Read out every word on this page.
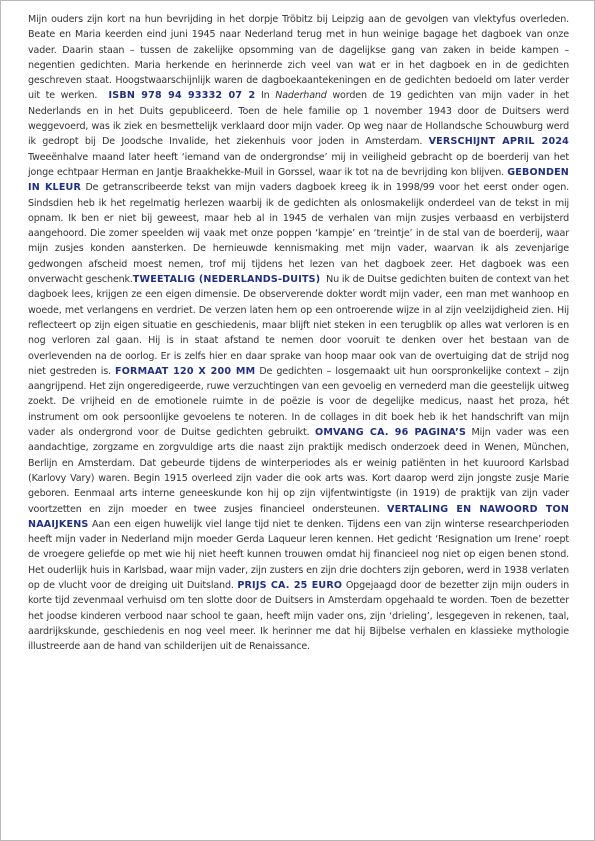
Mijn ouders zijn kort na hun bevrijding in het dorpje Tröbitz bij Leipzig aan de gevolgen van vlektyfus overleden. Beate en Maria keerden eind juni 1945 naar Nederland terug met in hun weinige bagage het dagboek van onze vader. Daarin staan – tussen de zakelijke opsomming van de dagelijkse gang van zaken in beide kampen – negentien gedichten. Maria herkende en herinnerde zich veel van wat er in het dagboek en in de gedichten geschreven staat. Hoogstwaarschijnlijk waren de dagboekaantekeningen en de gedichten bedoeld om later verder uit te werken. ISBN 978 94 93332 07 2 In Naderhand worden de 19 gedichten van mijn vader in het Nederlands en in het Duits gepubliceerd. Toen de hele familie op 1 november 1943 door de Duitsers werd weggevoerd, was ik ziek en besmettelijk verklaard door mijn vader. Op weg naar de Hollandsche Schouwburg werd ik gedropt bij De Joodsche Invalide, het ziekenhuis voor joden in Amsterdam. VERSCHIJNT APRIL 2024 Tweeënhalve maand later heeft ‘iemand van de ondergrondse’ mij in veiligheid gebracht op de boerderij van het jonge echtpaar Herman en Jantje Braakhekke-Muil in Gorssel, waar ik tot na de bevrijding kon blijven. GEBONDEN IN KLEUR De getranscribeerde tekst van mijn vaders dagboek kreeg ik in 1998/99 voor het eerst onder ogen. Sindsdien heb ik het regelmatig herlezen waarbij ik de gedichten als onlosmakelijk onderdeel van de tekst in mij opnam. Ik ben er niet bij geweest, maar heb al in 1945 de verhalen van mijn zusjes verbaasd en verbijsterd aangehoord. Die zomer speelden wij vaak met onze poppen ‘kampje’ en ‘treintje’ in de stal van de boerderij, waar mijn zusjes konden aansterken. De hernieuwde kennismaking met mijn vader, waarvan ik als zevenjarige gedwongen afscheid moest nemen, trof mij tijdens het lezen van het dagboek zeer. Het dagboek was een onverwacht geschenk.TWEETALIG (NEDERLANDS-DUITS) Nu ik de Duitse gedichten buiten de context van het dagboek lees, krijgen ze een eigen dimensie. De observerende dokter wordt mijn vader, een man met wanhoop en woede, met verlangens en verdriet. De verzen laten hem op een ontroerende wijze in al zijn veelzijdigheid zien. Hij reflecteert op zijn eigen situatie en geschiedenis, maar blijft niet steken in een terugblik op alles wat verloren is en nog verloren zal gaan. Hij is in staat afstand te nemen door vooruit te denken over het bestaan van de overlevenden na de oorlog. Er is zelfs hier en daar sprake van hoop maar ook van de overtuiging dat de strijd nog niet gestreden is. FORMAAT 120 X 200 MM De gedichten – losgemaakt uit hun oorspronkelijke context – zijn aangrijpend. Het zijn ongeredigeerde, ruwe verzuchtingen van een gevoelig en vernederd man die geestelijk uitweg zoekt. De vrijheid en de emotionele ruimte in de poëzie is voor de degelijke medicus, naast het proza, hét instrument om ook persoonlijke gevoelens te noteren. In de collages in dit boek heb ik het handschrift van mijn vader als ondergrond voor de Duitse gedichten gebruikt. OMVANG CA. 96 PAGINA’S Mijn vader was een aandachtige, zorgzame en zorgvuldige arts die naast zijn praktijk medisch onderzoek deed in Wenen, München, Berlijn en Amsterdam. Dat gebeurde tijdens de winterperiodes als er weinig patiënten in het kuuroord Karlsbad (Karlovy Vary) waren. Begin 1915 overleed zijn vader die ook arts was. Kort daarop werd zijn jongste zusje Marie geboren. Eenmaal arts interne geneeskunde kon hij op zijn vijfentwintigste (in 1919) de praktijk van zijn vader voortzetten en zijn moeder en twee zusjes financieel ondersteunen. VERTALING EN NAWOORD TON NAAIJKENS Aan een eigen huwelijk viel lange tijd niet te denken. Tijdens een van zijn winterse researchperioden heeft mijn vader in Nederland mijn moeder Gerda Laqueur leren kennen. Het gedicht ‘Resignation um Irene’ roept de vroegere geliefde op met wie hij niet heeft kunnen trouwen omdat hij financieel nog niet op eigen benen stond. Het ouderlijk huis in Karlsbad, waar mijn vader, zijn zusters en zijn drie dochters zijn geboren, werd in 1938 verlaten op de vlucht voor de dreiging uit Duitsland. PRIJS CA. 25 EURO Opgejaagd door de bezetter zijn mijn ouders in korte tijd zevenmaal verhuisd om ten slotte door de Duitsers in Amsterdam opgehaald te worden. Toen de bezetter het joodse kinderen verbood naar school te gaan, heeft mijn vader ons, zijn ‘drieling’, lesgegeven in rekenen, taal, aardrijkskunde, geschiedenis en nog veel meer. Ik herinner me dat hij Bijbelse verhalen en klassieke mythologie illustreerde aan de hand van schilderijen uit de Renaissance.
